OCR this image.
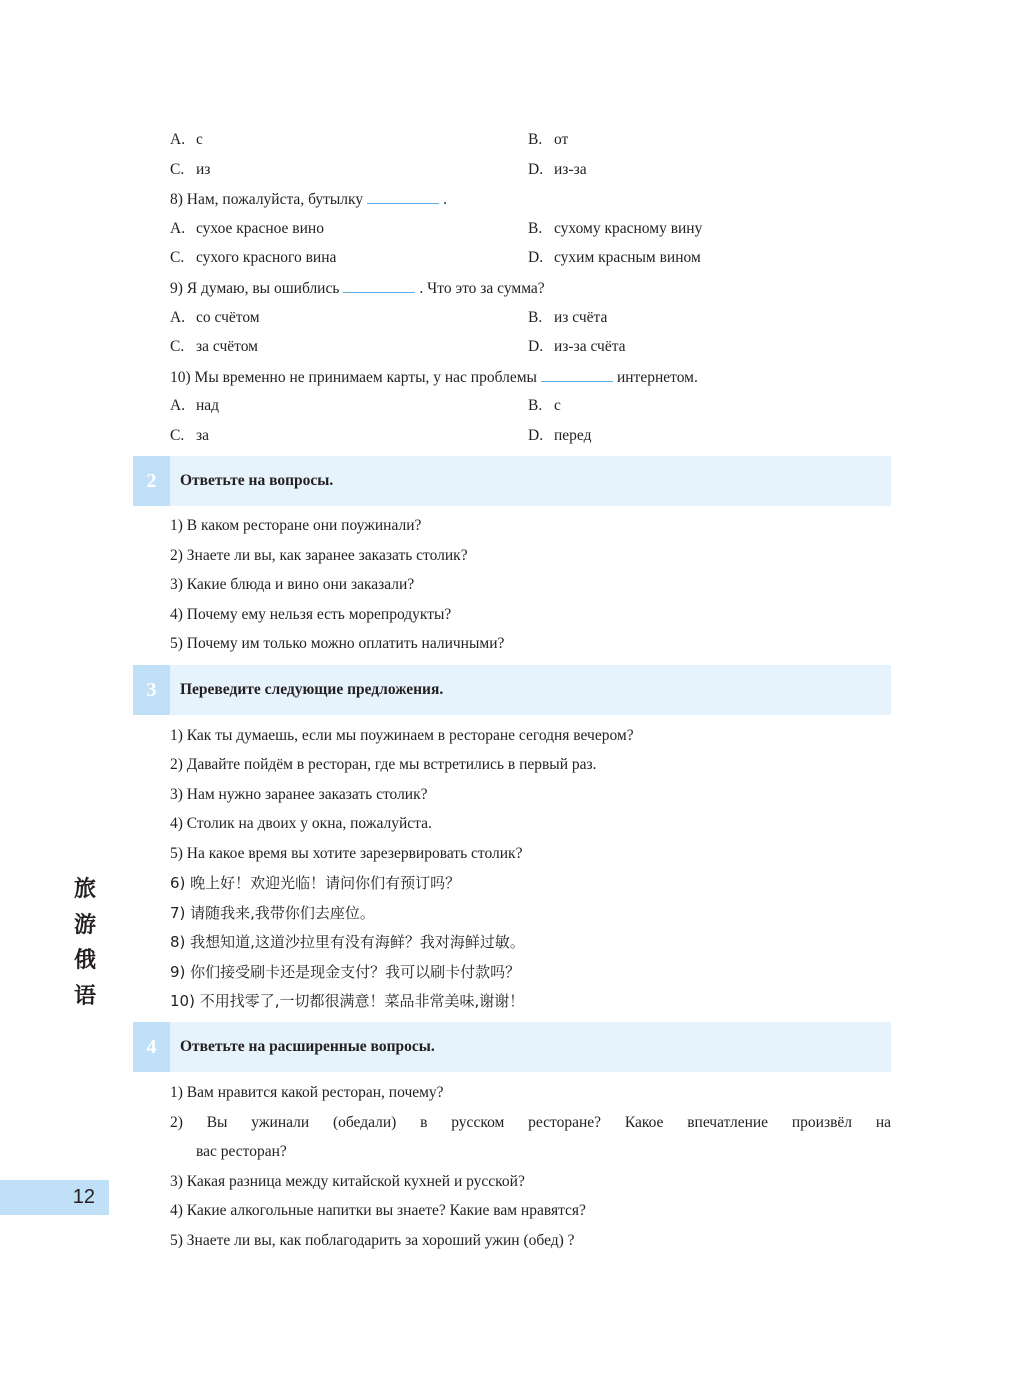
A. с	B. от
C. из	D. из-за
8) Нам, пожалуйста, бутылку	.
A. сухое красное вино	B. сухому красному вину
C. сухого красного вина	D. сухим красным вином
9) Я думаю, вы ошиблись	. Что это за сумма?
A. со счётом	B. из счёта
C. за счётом	D. из-за счёта
10) Мы временно не принимаем карты, у нас проблемы	интернетом.
A. над	B. с
C. за	D. перед
2	Ответьте на вопросы.
1) В каком ресторане они поужинали?
2) Знаете ли вы, как заранее заказать столик?
3) Какие блюда и вино они заказали?
4) Почему ему нельзя есть морепродукты?
5) Почему им только можно оплатить наличными?
3	Переведите следующие предложения.
1) Как ты думаешь, если мы поужинаем в ресторане сегодня вечером?
2) Давайте пойдём в ресторан, где мы встретились в первый раз.
3) Нам нужно заранее заказать столик?
4) Столик на двоих у окна, пожалуйста.
5) На какое время вы хотите зарезервировать столик?
6) 晚上好！欢迎光临！请问你们有预订吗？
7) 请随我来,我带你们去座位。
8) 我想知道,这道沙拉里有没有海鲜？我对海鲜过敏。
9) 你们接受刷卡还是现金支付？我可以刷卡付款吗？
10) 不用找零了,一切都很满意！菜品非常美味,谢谢！
4	Ответьте на расширенные вопросы.
1) Вам нравится какой ресторан, почему?
2) Вы ужинали (обедали) в русском ресторане? Какое впечатление произвёл на
вас ресторан?
3) Какая разница между китайской кухней и русской?
4) Какие алкогольные напитки вы знаете? Какие вам нравятся?
5) Знаете ли вы, как поблагодарить за хороший ужин (обед) ?
旅
游
俄
语
12
